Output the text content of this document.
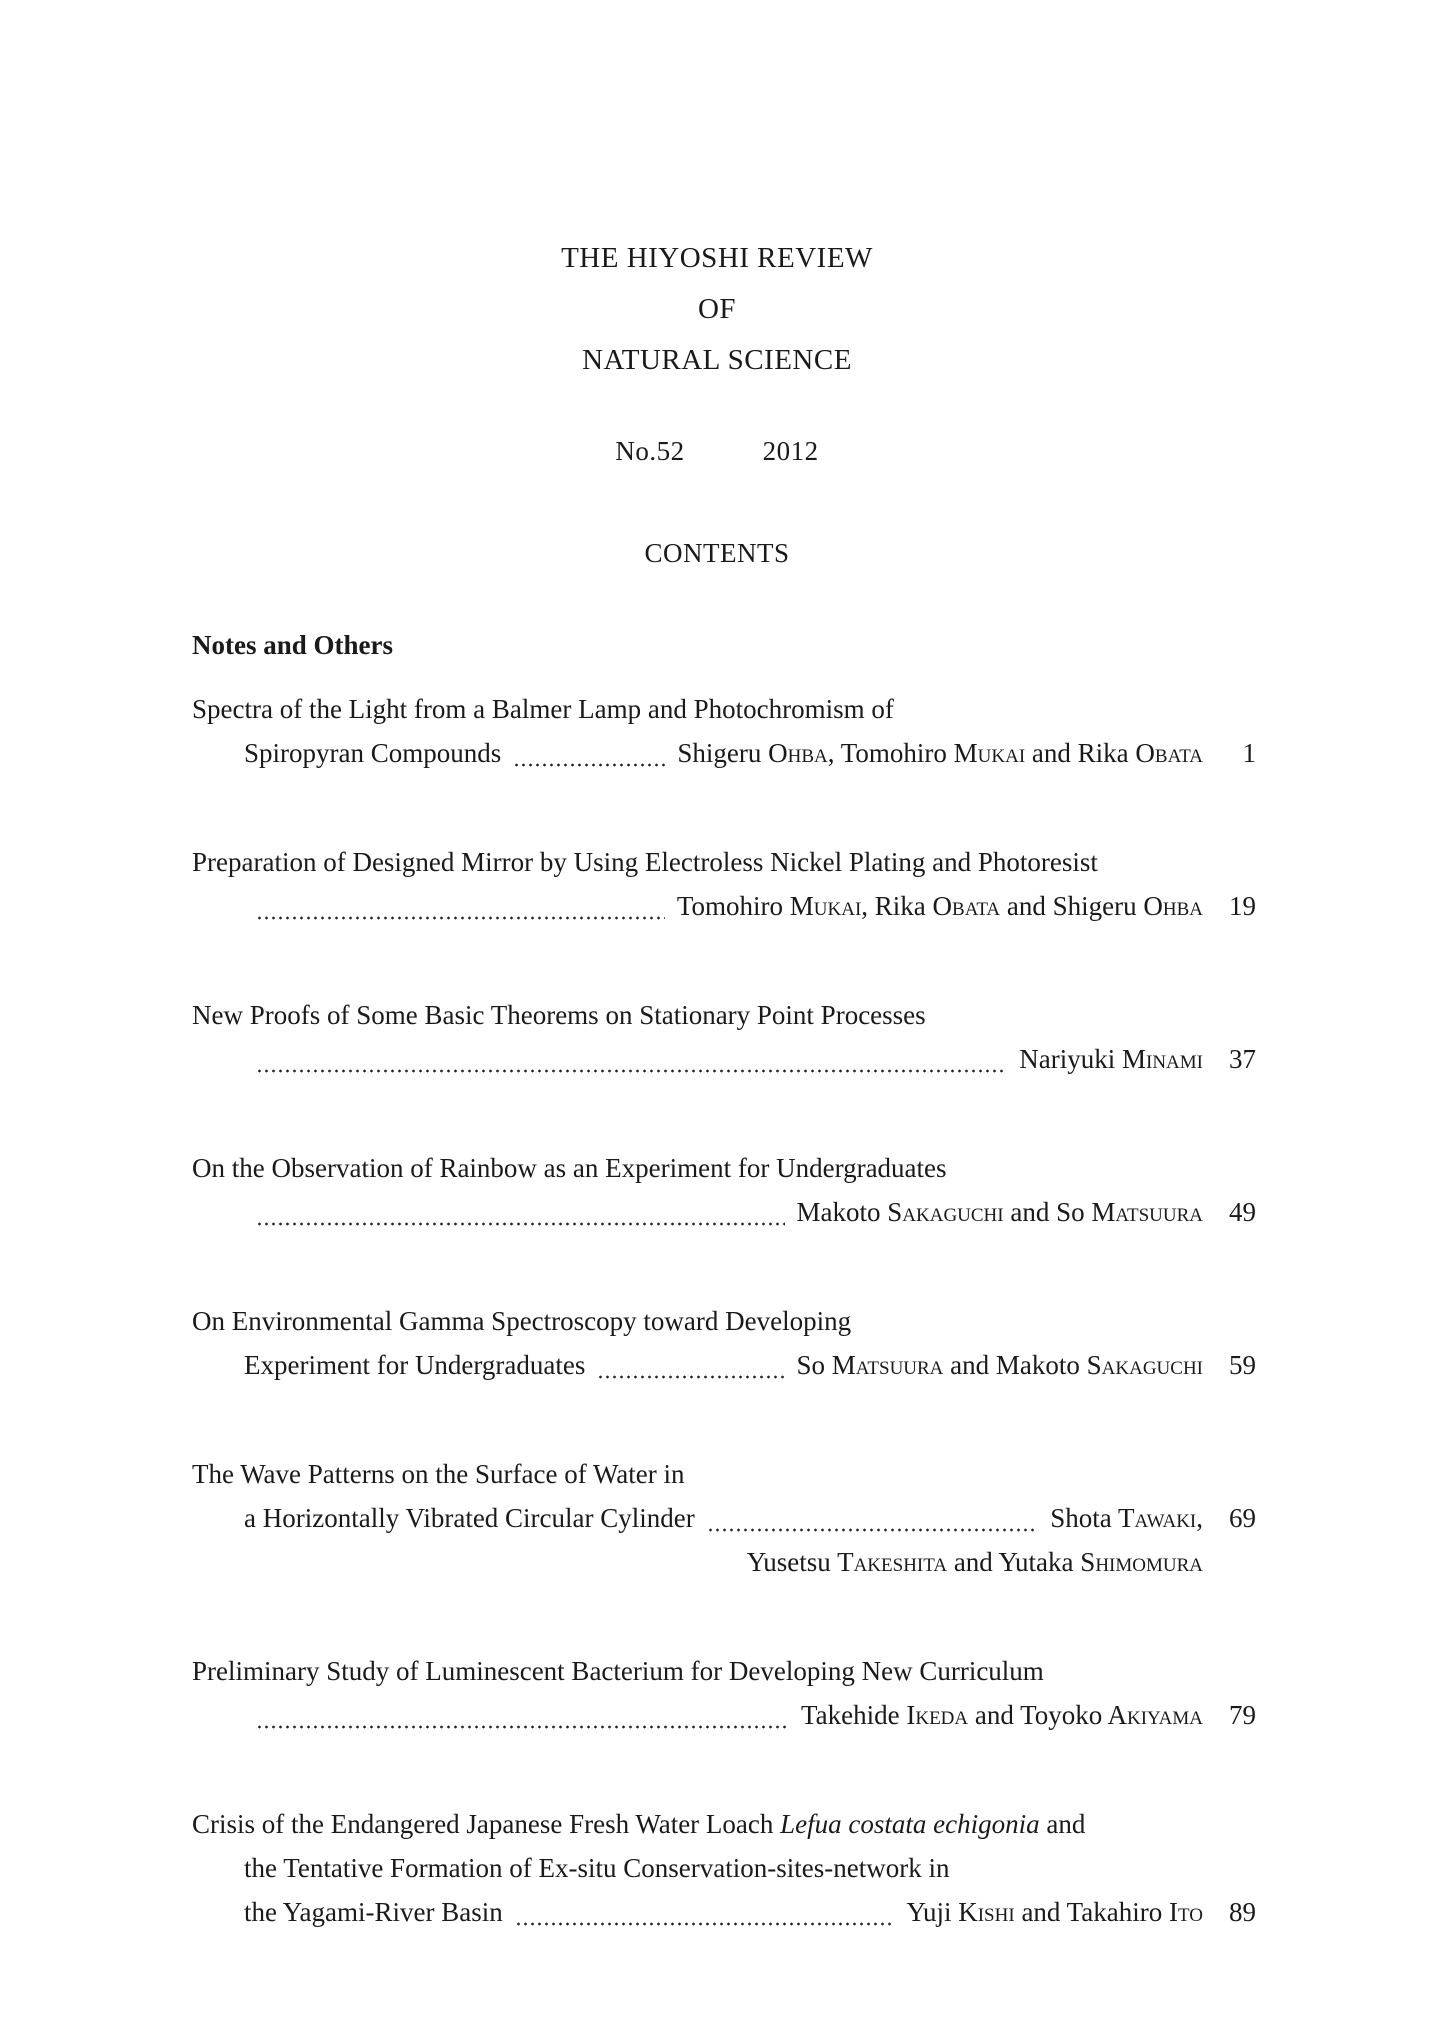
THE HIYOSHI REVIEW
OF
NATURAL SCIENCE
No.52	2012
CONTENTS
Notes and Others
Spectra of the Light from a Balmer Lamp and Photochromism of
Spiropyran Compounds	Shigeru Ohba, Tomohiro Mukai and Rika Obata	1
Preparation of Designed Mirror by Using Electroless Nickel Plating and Photoresist
Tomohiro Mukai, Rika Obata and Shigeru Ohba 19
New Proofs of Some Basic Theorems on Stationary Point Processes
Nariyuki Minami 37
On the Observation of Rainbow as an Experiment for Undergraduates
Makoto Sakaguchi and So Matsuura 49
On Environmental Gamma Spectroscopy toward Developing
Experiment for Undergraduates	So Matsuura and Makoto Sakaguchi 59
The Wave Patterns on the Surface of Water in
a Horizontally Vibrated Circular Cylinder	Shota Tawaki, 69
Yusetsu Takeshita and Yutaka Shimomura
Preliminary Study of Luminescent Bacterium for Developing New Curriculum
Takehide Ikeda and Toyoko Akiyama 79
Crisis of the Endangered Japanese Fresh Water Loach Lefua costata echigonia and
the Tentative Formation of Ex-situ Conservation-sites-network in
the Yagami-River Basin	Yuji Kishi and Takahiro Ito 89
